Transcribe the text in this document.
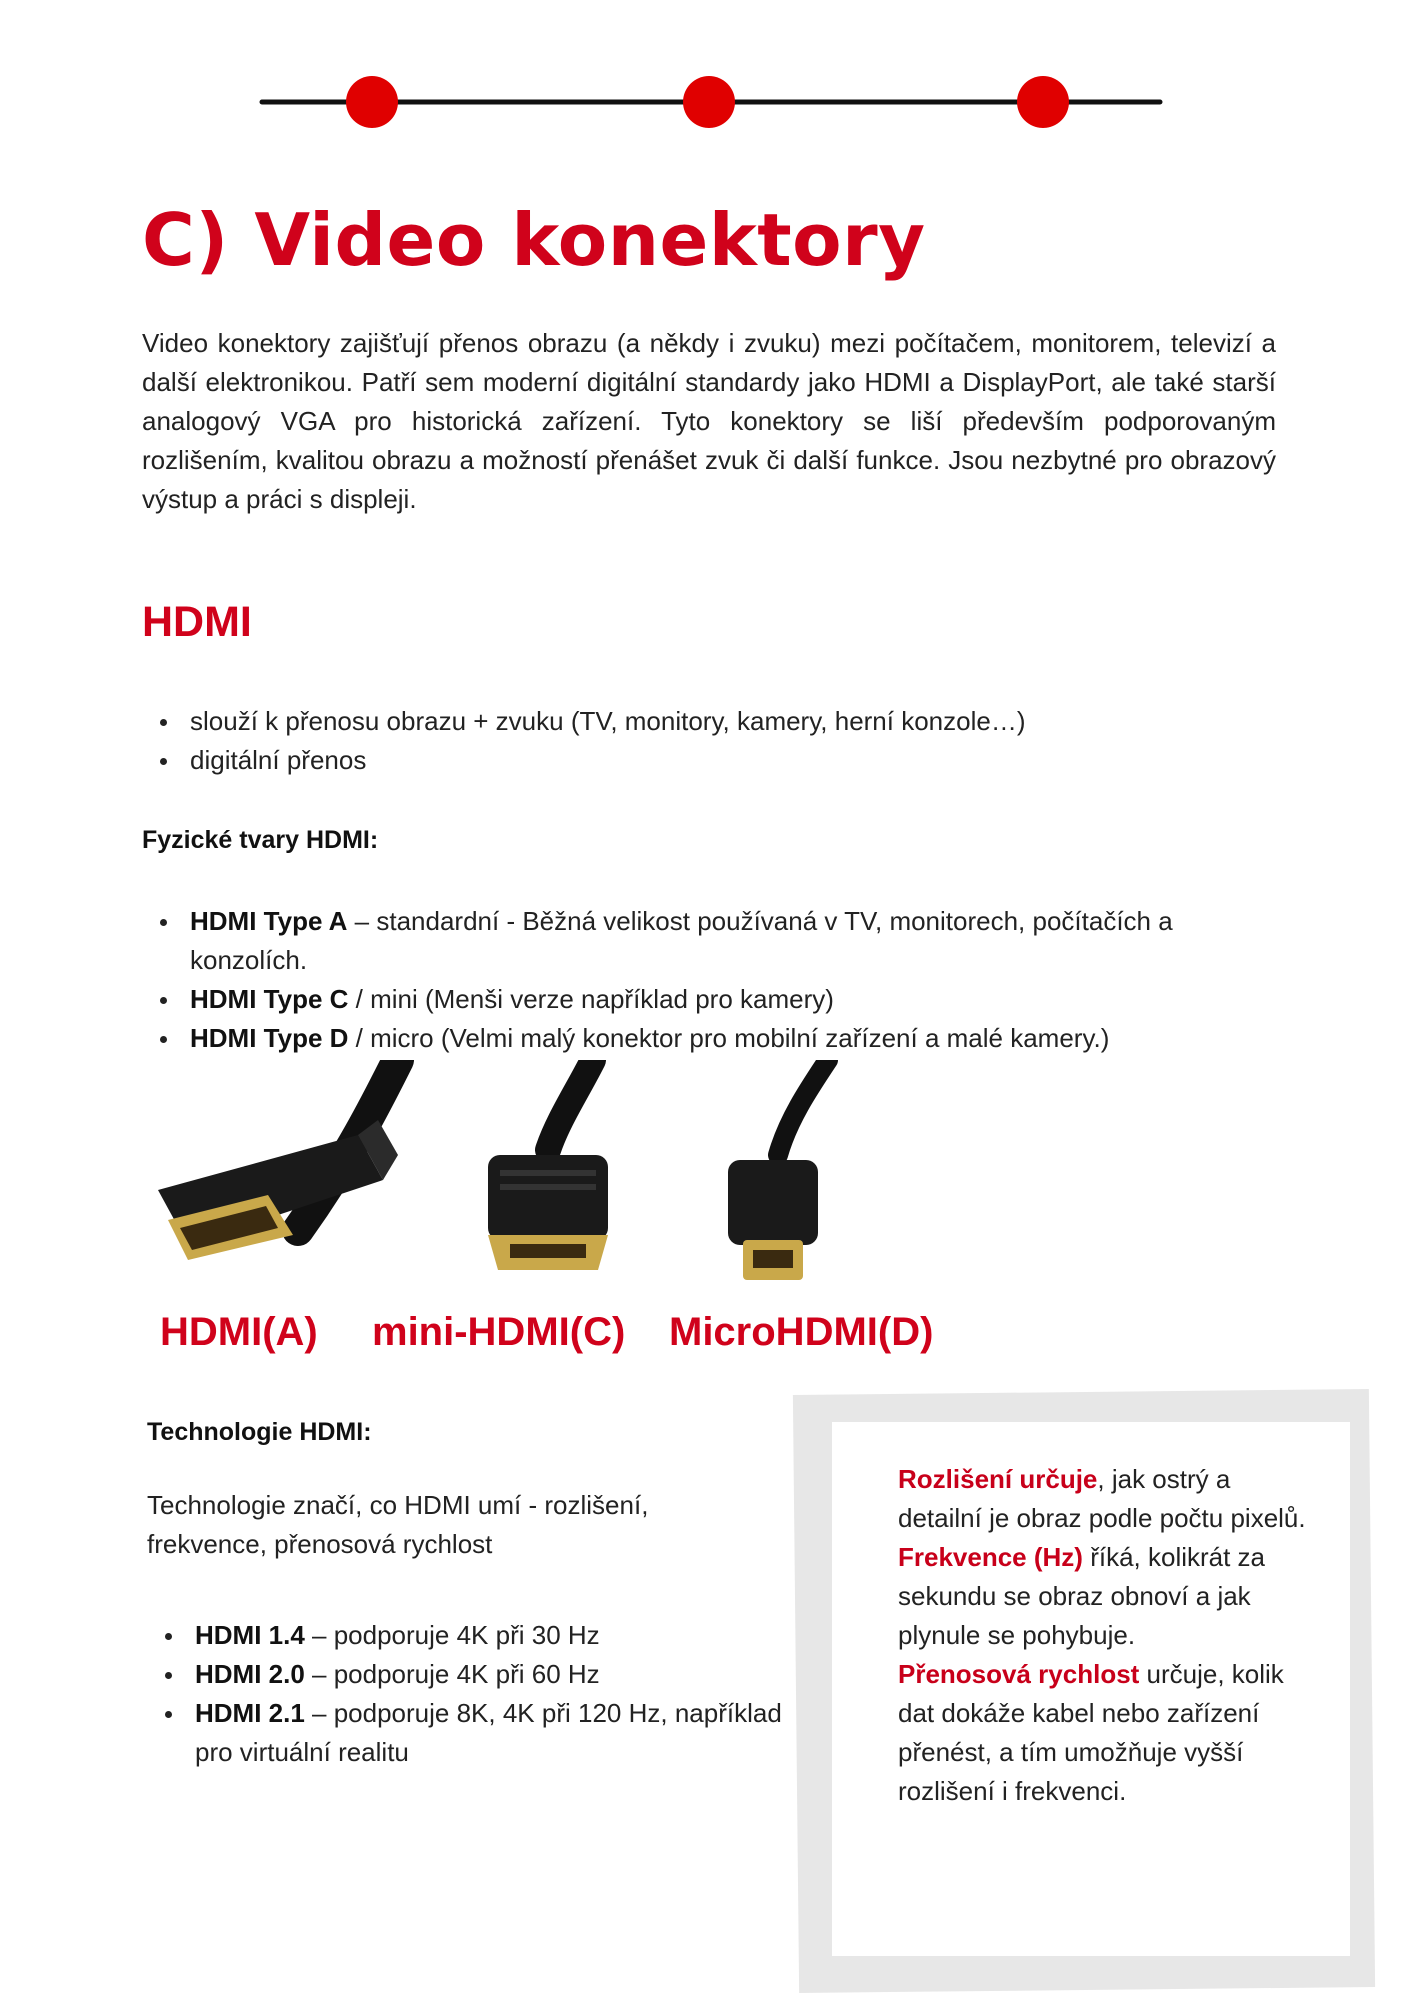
C) Video konektory

Video konektory zajišťují přenos obrazu (a někdy i zvuku) mezi počítačem, monitorem, televizí a další elektronikou. Patří sem moderní digitální standardy jako HDMI a DisplayPort, ale také starší analogový VGA pro historická zařízení. Tyto konektory se liší především podporovaným rozlišením, kvalitou obrazu a možností přenášet zvuk či další funkce. Jsou nezbytné pro obrazový výstup a práci s displeji.

HDMI
slouží k přenosu obrazu + zvuku (TV, monitory, kamery, herní konzole…)
digitální přenos

Fyzické tvary HDMI:

HDMI Type A – standardní - Běžná velikost používaná v TV, monitorech, počítačích a konzolích.
HDMI Type C / mini (Menši verze například pro kamery)
HDMI Type D / micro (Velmi malý konektor pro mobilní zařízení a malé kamery.)
HDMI(A) mini-HDMI(C) MicroHDMI(D)

Technologie HDMI:

Technologie značí, co HDMI umí - rozlišení, frekvence, přenosová rychlost

HDMI 1.4 – podporuje 4K při 30 Hz
HDMI 2.0 – podporuje 4K při 60 Hz
HDMI 2.1 – podporuje 8K, 4K při 120 Hz, například pro virtuální realitu

Rozlišení určuje, jak ostrý a detailní je obraz podle počtu pixelů.

Frekvence (Hz) říká, kolikrát za sekundu se obraz obnoví a jak plynule se pohybuje.

Přenosová rychlost určuje, kolik dat dokáže kabel nebo zařízení přenést, a tím umožňuje vyšší rozlišení i frekvenci.
